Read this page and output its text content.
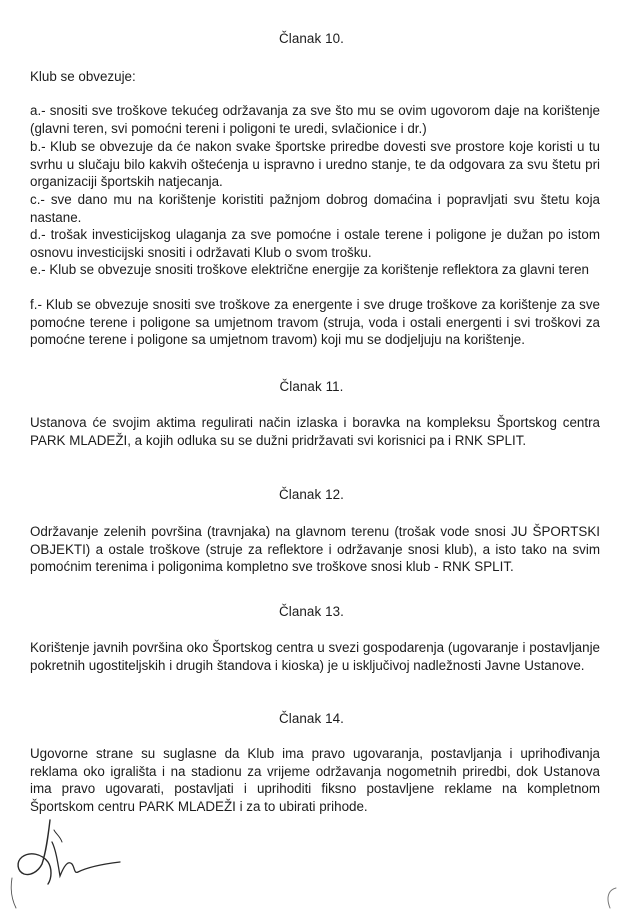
Članak 10.

Klub se obvezuje:

a.- snositi sve troškove tekućeg održavanja za sve što mu se ovim ugovorom daje na korištenje (glavni teren, svi pomoćni tereni i poligoni te uredi, svlačionice i dr.)

b.- Klub se obvezuje da će nakon svake športske priredbe dovesti sve prostore koje koristi u tu svrhu u slučaju bilo kakvih oštećenja u ispravno i uredno stanje, te da odgovara za svu štetu pri organizaciji športskih natjecanja.

c.- sve dano mu na korištenje koristiti pažnjom dobrog domaćina i popravljati svu štetu koja nastane.

d.- trošak investicijskog ulaganja za sve pomoćne i ostale terene i poligone je dužan po istom osnovu investicijski snositi i održavati Klub o svom trošku.

e.- Klub se obvezuje snositi troškove električne energije za korištenje reflektora za glavni teren

f.- Klub se obvezuje snositi sve troškove za energente i sve druge troškove za korištenje za sve pomoćne terene i poligone sa umjetnom travom (struja, voda i ostali energenti i svi troškovi za pomoćne terene i poligone sa umjetnom travom) koji mu se dodjeljuju na korištenje.

Članak 11.

Ustanova će svojim aktima regulirati način izlaska i boravka na kompleksu Športskog centra PARK MLADEŽI, a kojih odluka su se dužni pridržavati svi korisnici pa i RNK SPLIT.

Članak 12.

Održavanje zelenih površina (travnjaka) na glavnom terenu (trošak vode snosi JU ŠPORTSKI OBJEKTI) a ostale troškove (struje za reflektore i održavanje snosi klub), a isto tako na svim pomoćnim terenima i poligonima kompletno sve troškove snosi klub - RNK SPLIT.

Članak 13.

Korištenje javnih površina oko Športskog centra u svezi gospodarenja (ugovaranje i postavljanje pokretnih ugostiteljskih i drugih štandova i kioska) je u isključivoj nadležnosti Javne Ustanove.

Članak 14.

Ugovorne strane su suglasne da Klub ima pravo ugovaranja, postavljanja i uprihođivanja reklama oko igrališta i na stadionu za vrijeme održavanja nogometnih priredbi, dok Ustanova ima pravo ugovarati, postavljati i uprihoditi fiksno postavljene reklame na kompletnom Športskom centru PARK MLADEŽI i za to ubirati prihode.
